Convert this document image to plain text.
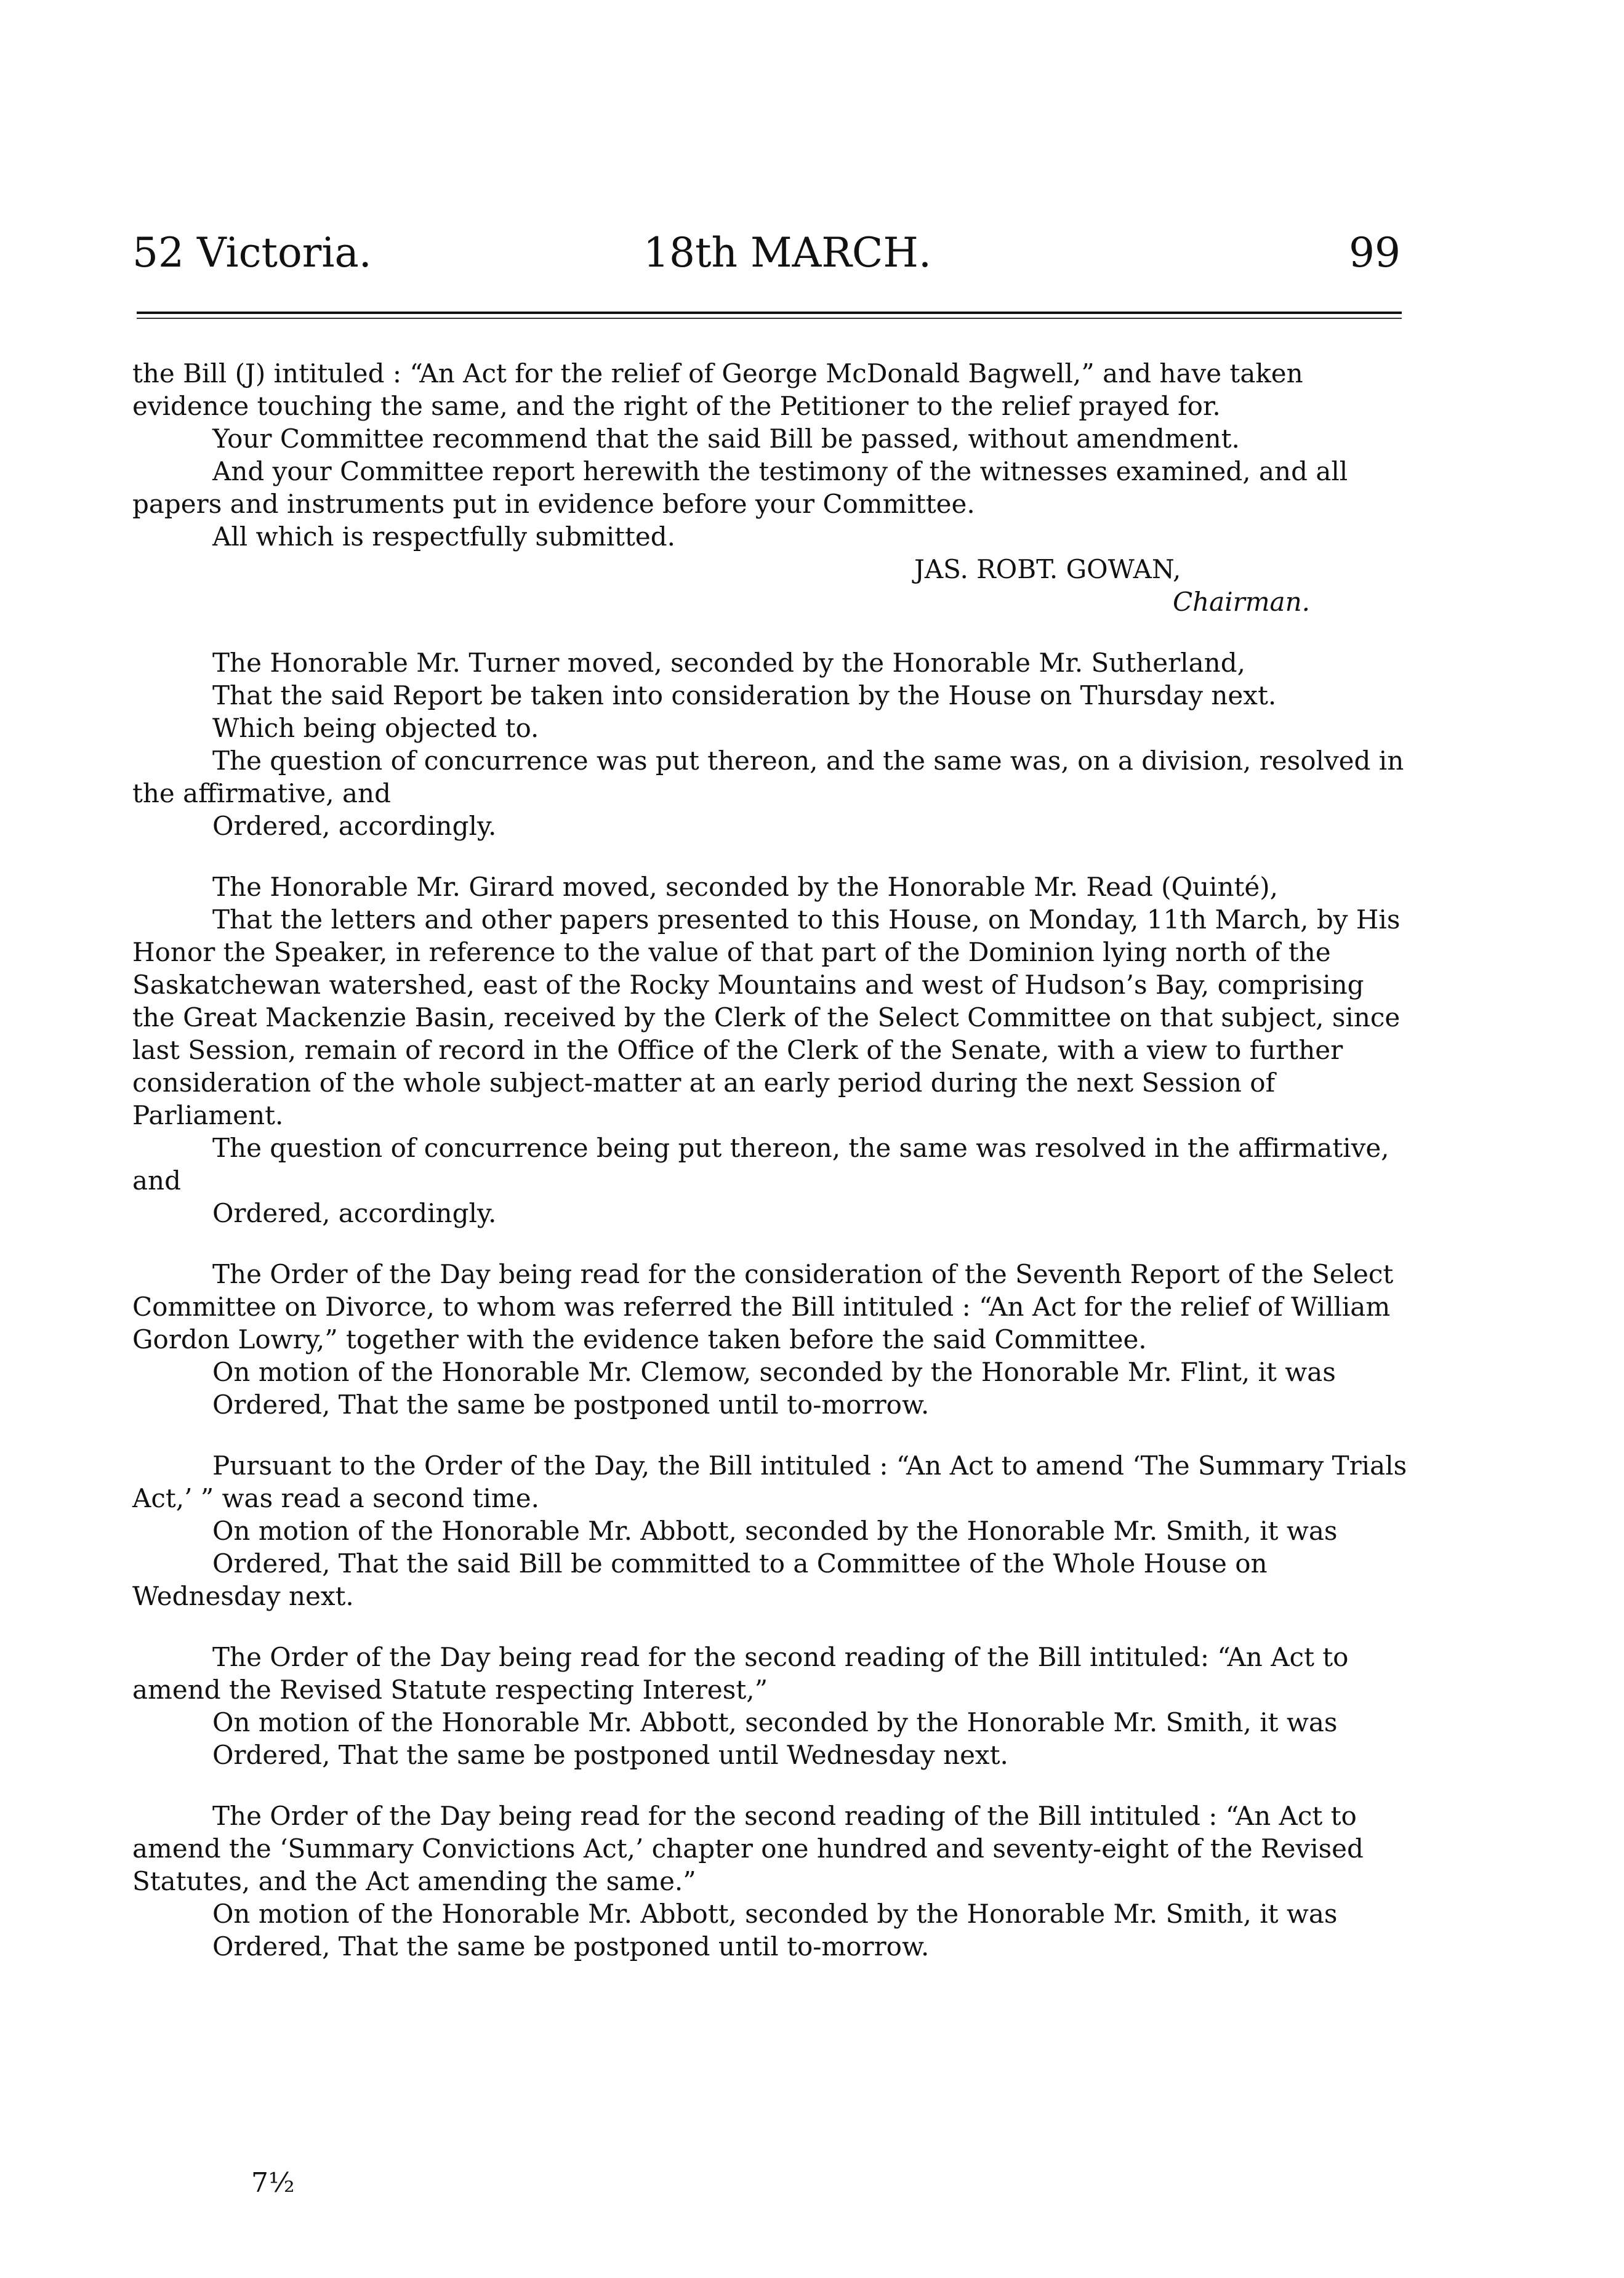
52 Victoria.	18th MARCH.	99

the Bill (J) intituled : “An Act for the relief of George McDonald Bagwell,” and have taken evidence touching the same, and the right of the Petitioner to the relief prayed for.

Your Committee recommend that the said Bill be passed, without amendment.

And your Committee report herewith the testimony of the witnesses examined, and all papers and instruments put in evidence before your Committee.

All which is respectfully submitted.

JAS. ROBT. GOWAN,

Chairman.

The Honorable Mr. Turner moved, seconded by the Honorable Mr. Sutherland,

That the said Report be taken into consideration by the House on Thursday next.

Which being objected to.

The question of concurrence was put thereon, and the same was, on a division, resolved in the affirmative, and

Ordered, accordingly.

The Honorable Mr. Girard moved, seconded by the Honorable Mr. Read (Quinté),

That the letters and other papers presented to this House, on Monday, 11th March, by His Honor the Speaker, in reference to the value of that part of the Dominion lying north of the Saskatchewan watershed, east of the Rocky Mountains and west of Hudson’s Bay, comprising the Great Mackenzie Basin, received by the Clerk of the Select Committee on that subject, since last Session, remain of record in the Office of the Clerk of the Senate, with a view to further consideration of the whole subject-matter at an early period during the next Session of Parliament.

The question of concurrence being put thereon, the same was resolved in the affirmative, and

Ordered, accordingly.

The Order of the Day being read for the consideration of the Seventh Report of the Select Committee on Divorce, to whom was referred the Bill intituled : “An Act for the relief of William Gordon Lowry,” together with the evidence taken before the said Committee.

On motion of the Honorable Mr. Clemow, seconded by the Honorable Mr. Flint, it was

Ordered, That the same be postponed until to-morrow.

Pursuant to the Order of the Day, the Bill intituled : “An Act to amend ‘The Summary Trials Act,’ ” was read a second time.

On motion of the Honorable Mr. Abbott, seconded by the Honorable Mr. Smith, it was

Ordered, That the said Bill be committed to a Committee of the Whole House on Wednesday next.

The Order of the Day being read for the second reading of the Bill intituled: “An Act to amend the Revised Statute respecting Interest,”

On motion of the Honorable Mr. Abbott, seconded by the Honorable Mr. Smith, it was

Ordered, That the same be postponed until Wednesday next.

The Order of the Day being read for the second reading of the Bill intituled : “An Act to amend the ‘Summary Convictions Act,’ chapter one hundred and seventy-eight of the Revised Statutes, and the Act amending the same.”

On motion of the Honorable Mr. Abbott, seconded by the Honorable Mr. Smith, it was

Ordered, That the same be postponed until to-morrow.

7½
